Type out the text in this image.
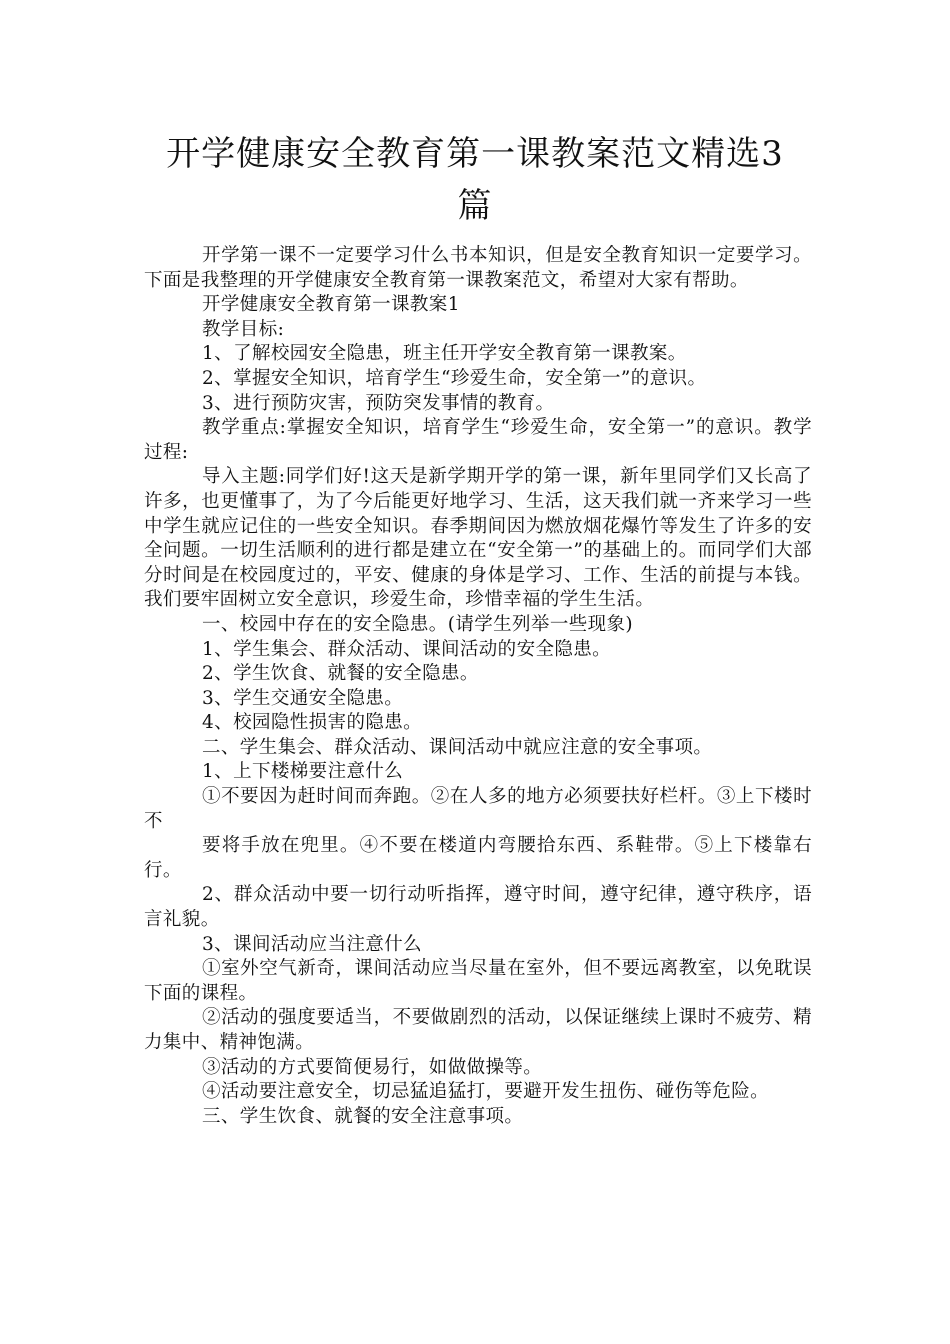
开学健康安全教育第一课教案范文精选3篇

开学第一课不一定要学习什么书本知识，但是安全教育知识一定要学习。下面是我整理的开学健康安全教育第一课教案范文，希望对大家有帮助。

开学健康安全教育第一课教案1

教学目标:

1、了解校园安全隐患，班主任开学安全教育第一课教案。

2、掌握安全知识，培育学生“珍爱生命，安全第一”的意识。

3、进行预防灾害，预防突发事情的教育。

教学重点:掌握安全知识，培育学生“珍爱生命，安全第一”的意识。教学过程:

导入主题:同学们好!这天是新学期开学的第一课，新年里同学们又长高了许多，也更懂事了，为了今后能更好地学习、生活，这天我们就一齐来学习一些中学生就应记住的一些安全知识。春季期间因为燃放烟花爆竹等发生了许多的安全问题。一切生活顺利的进行都是建立在“安全第一”的基础上的。而同学们大部分时间是在校园度过的，平安、健康的身体是学习、工作、生活的前提与本钱。我们要牢固树立安全意识，珍爱生命，珍惜幸福的学生生活。

一、校园中存在的安全隐患。(请学生列举一些现象)

1、学生集会、群众活动、课间活动的安全隐患。

2、学生饮食、就餐的安全隐患。

3、学生交通安全隐患。

4、校园隐性损害的隐患。

二、学生集会、群众活动、课间活动中就应注意的安全事项。

1、上下楼梯要注意什么

①不要因为赶时间而奔跑。②在人多的地方必须要扶好栏杆。③上下楼时不

要将手放在兜里。④不要在楼道内弯腰拾东西、系鞋带。⑤上下楼靠右行。

2、群众活动中要一切行动听指挥，遵守时间，遵守纪律，遵守秩序，语言礼貌。

3、课间活动应当注意什么

①室外空气新奇，课间活动应当尽量在室外，但不要远离教室，以免耽误下面的课程。

②活动的强度要适当，不要做剧烈的活动，以保证继续上课时不疲劳、精力集中、精神饱满。

③活动的方式要简便易行，如做做操等。

④活动要注意安全，切忌猛追猛打，要避开发生扭伤、碰伤等危险。

三、学生饮食、就餐的安全注意事项。
